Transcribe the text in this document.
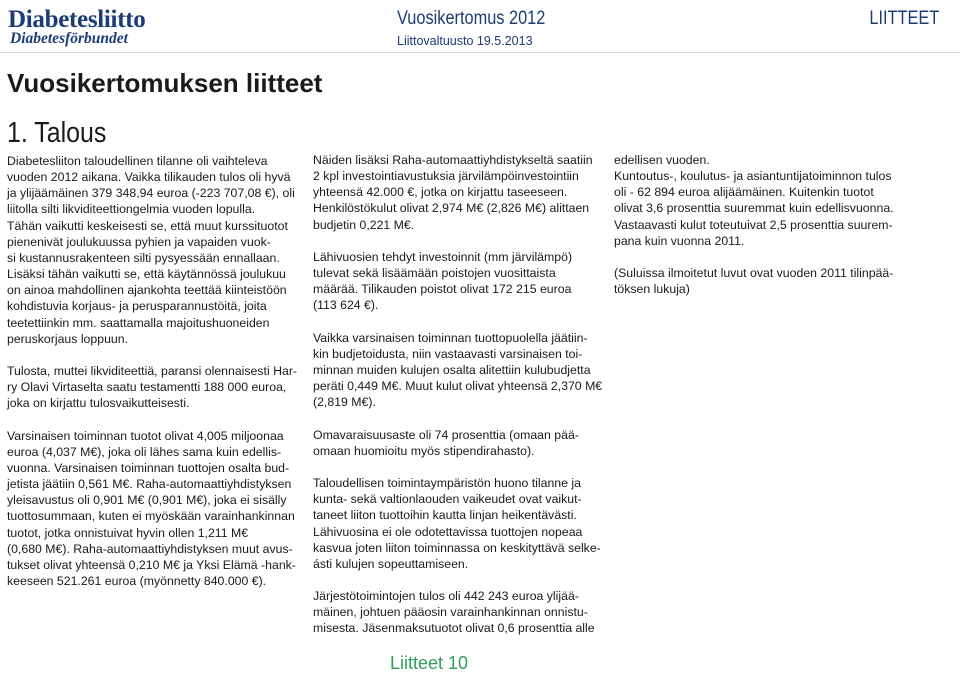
Diabetesliitto
Diabetesförbundet
Vuosikertomus 2012
Liittovaltuusto 19.5.2013
LIITTEET
Vuosikertomuksen liitteet
1. Talous

Diabetesliiton taloudellinen tilanne oli vaihteleva
vuoden 2012 aikana. Vaikka tilikauden tulos oli hyvä
ja ylijäämäinen 379 348,94 euroa (-223 707,08 €), oli
liitolla silti likviditeettiongelmia vuoden lopulla.
Tähän vaikutti keskeisesti se, että muut kurssituotot
pienenivät joulukuussa pyhien ja vapaiden vuok-
si kustannusrakenteen silti pysyessään ennallaan.
Lisäksi tähän vaikutti se, että käytännössä joulukuu
on ainoa mahdollinen ajankohta teettää kiinteistöön
kohdistuvia korjaus- ja perusparannustöitä, joita
teetettiinkin mm. saattamalla majoitushuoneiden
peruskorjaus loppuun.

Tulosta, muttei likviditeettiä, paransi olennaisesti Har-
ry Olavi Virtaselta saatu testamentti 188 000 euroa,
joka on kirjattu tulosvaikutteisesti.

Varsinaisen toiminnan tuotot olivat 4,005 miljoonaa
euroa (4,037 M€), joka oli lähes sama kuin edellis-
vuonna. Varsinaisen toiminnan tuottojen osalta bud-
jetista jäätiin 0,561 M€. Raha-automaattiyhdistyksen
yleisavustus oli 0,901 M€ (0,901 M€), joka ei sisälly
tuottosummaan, kuten ei myöskään varainhankinnan
tuotot, jotka onnistuivat hyvin ollen 1,211 M€
(0,680 M€). Raha-automaattiyhdistyksen muut avus-
tukset olivat yhteensä 0,210 M€ ja Yksi Elämä -hank-
keeseen 521.261 euroa (myönnetty 840.000 €).

Näiden lisäksi Raha-automaattiyhdistykseltä saatiin
2 kpl investointiavustuksia järvilämpöinvestointiin
yhteensä 42.000 €, jotka on kirjattu taseeseen.
Henkilöstökulut olivat 2,974 M€ (2,826 M€) alittaen
budjetin 0,221 M€.

Lähivuosien tehdyt investoinnit (mm järvilämpö)
tulevat sekä lisäämään poistojen vuosittaista
määrää. Tilikauden poistot olivat 172 215 euroa
(113 624 €).

Vaikka varsinaisen toiminnan tuottopuolella jäätiin-
kin budjetoidusta, niin vastaavasti varsinaisen toi-
minnan muiden kulujen osalta alitettiin kulubudjetta
peräti 0,449 M€. Muut kulut olivat yhteensä 2,370 M€
(2,819 M€).

Omavaraisuusaste oli 74 prosenttia (omaan pää-
omaan huomioitu myös stipendirahasto).

Taloudellisen toimintaympäristön huono tilanne ja
kunta- sekä valtionlaouden vaikeudet ovat vaikut-
taneet liiton tuottoihin kautta linjan heikentävästi.
Lähivuosina ei ole odotettavissa tuottojen nopeaa
kasvua joten liiton toiminnassa on keskityttävä selke-
ásti kulujen sopeuttamiseen.

Järjestötoimintojen tulos oli 442 243 euroa ylijää-
mäinen, johtuen pääosin varainhankinnan onnistu-
misesta. Jäsenmaksutuotot olivat 0,6 prosenttia alle

edellisen vuoden.
Kuntoutus-, koulutus- ja asiantuntijatoiminnon tulos
oli - 62 894 euroa alijäämäinen. Kuitenkin tuotot
olivat 3,6 prosenttia suuremmat kuin edellisvuonna.
Vastaavasti kulut toteutuivat 2,5 prosenttia suurem-
pana kuin vuonna 2011.

(Suluissa ilmoitetut luvut ovat vuoden 2011 tilinpää-
töksen lukuja)

Liitteet 10
